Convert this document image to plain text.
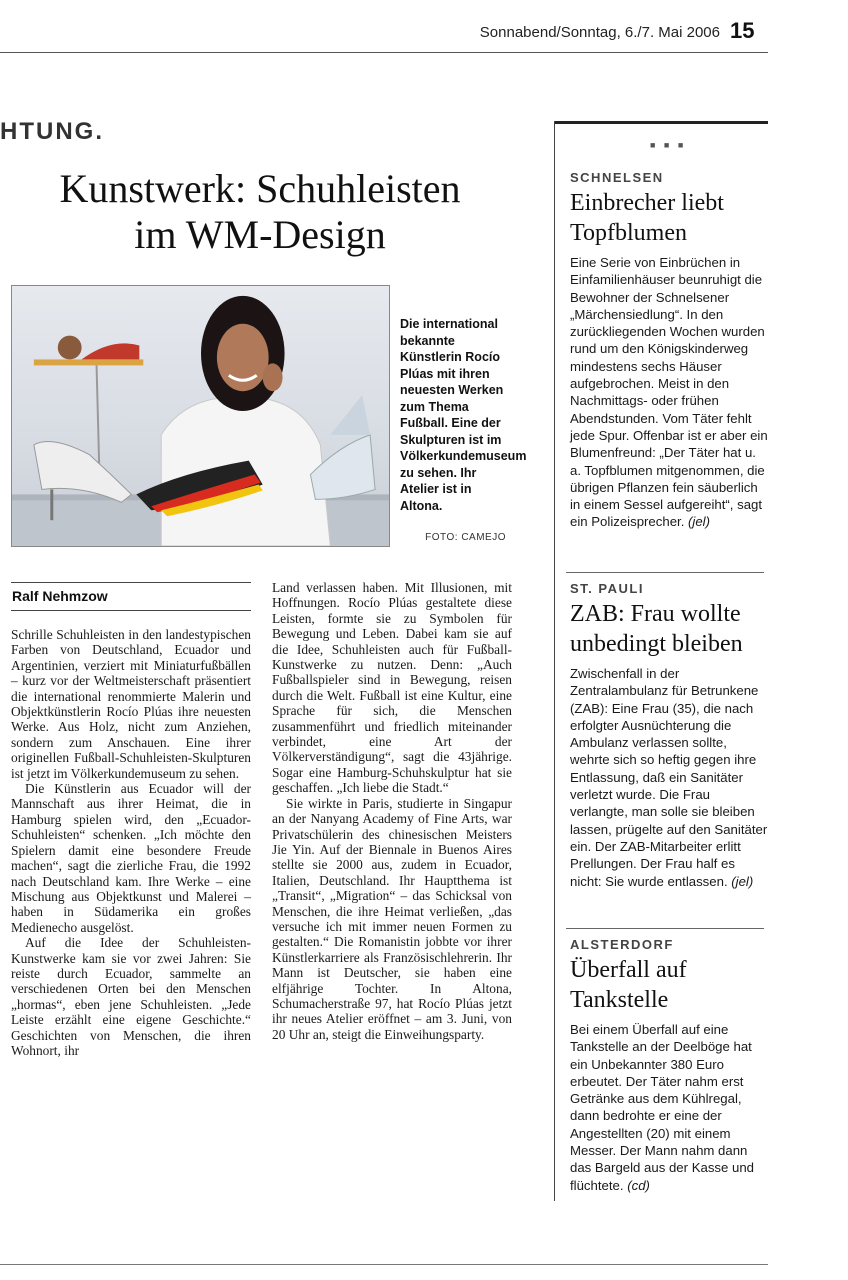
Sonnabend/Sonntag, 6./7. Mai 2006 15
HTUNG.
Kunstwerk: Schuhleisten
im WM-Design
Die international bekannte Künstlerin Rocío Plúas mit ihren neuesten Werken zum Thema Fußball. Eine der Skulpturen ist im Völkerkundemuseum zu sehen. Ihr Atelier ist in Altona.
FOTO: CAMEJO
Ralf Nehmzow

Schrille Schuhleisten in den landestypischen Farben von Deutschland, Ecuador und Argentinien, verziert mit Miniaturfußbällen – kurz vor der Weltmeisterschaft präsentiert die international renommierte Malerin und Objektkünstlerin Rocío Plúas ihre neuesten Werke. Aus Holz, nicht zum Anziehen, sondern zum Anschauen. Eine ihrer originellen Fußball-Schuhleisten-Skulpturen ist jetzt im Völkerkundemuseum zu sehen.

Die Künstlerin aus Ecuador will der Mannschaft aus ihrer Heimat, die in Hamburg spielen wird, den „Ecuador-Schuhleisten“ schenken. „Ich möchte den Spielern damit eine besondere Freude machen“, sagt die zierliche Frau, die 1992 nach Deutschland kam. Ihre Werke – eine Mischung aus Objektkunst und Malerei – haben in Südamerika ein großes Medienecho ausgelöst.

Auf die Idee der Schuhleisten-Kunstwerke kam sie vor zwei Jahren: Sie reiste durch Ecuador, sammelte an verschiedenen Orten bei den Menschen „hormas“, eben jene Schuhleisten. „Jede Leiste erzählt eine eigene Geschichte.“ Geschichten von Menschen, die ihren Wohnort, ihr

Land verlassen haben. Mit Illusionen, mit Hoffnungen. Rocío Plúas gestaltete diese Leisten, formte sie zu Symbolen für Bewegung und Leben. Dabei kam sie auf die Idee, Schuhleisten auch für Fußball-Kunstwerke zu nutzen. Denn: „Auch Fußballspieler sind in Bewegung, reisen durch die Welt. Fußball ist eine Kultur, eine Sprache für sich, die Menschen zusammenführt und friedlich miteinander verbindet, eine Art der Völkerverständigung“, sagt die 43jährige. Sogar eine Hamburg-Schuhskulptur hat sie geschaffen. „Ich liebe die Stadt.“

Sie wirkte in Paris, studierte in Singapur an der Nanyang Academy of Fine Arts, war Privatschülerin des chinesischen Meisters Jie Yin. Auf der Biennale in Buenos Aires stellte sie 2000 aus, zudem in Ecuador, Italien, Deutschland. Ihr Hauptthema ist „Transit“, „Migration“ – das Schicksal von Menschen, die ihre Heimat verließen, „das versuche ich mit immer neuen Formen zu gestalten.“ Die Romanistin jobbte vor ihrer Künstlerkarriere als Französischlehrerin. Ihr Mann ist Deutscher, sie haben eine elfjährige Tochter. In Altona, Schumacherstraße 97, hat Rocío Plúas jetzt ihr neues Atelier eröffnet – am 3. Juni, von 20 Uhr an, steigt die Einweihungsparty.

■ ■ ■
SCHNELSEN
Einbrecher liebt Topfblumen
Eine Serie von Einbrüchen in Einfamilienhäuser beunruhigt die Bewohner der Schnelsener „Märchensiedlung“. In den zurückliegenden Wochen wurden rund um den Königskinderweg mindestens sechs Häuser aufgebrochen. Meist in den Nachmittags- oder frühen Abendstunden. Vom Täter fehlt jede Spur. Offenbar ist er aber ein Blumenfreund: „Der Täter hat u. a. Topfblumen mitgenommen, die übrigen Pflanzen fein säuberlich in einem Sessel aufgereiht“, sagt ein Polizeisprecher. (jel)
ST. PAULI
ZAB: Frau wollte unbedingt bleiben
Zwischenfall in der Zentralambulanz für Betrunkene (ZAB): Eine Frau (35), die nach erfolgter Ausnüchterung die Ambulanz verlassen sollte, wehrte sich so heftig gegen ihre Entlassung, daß ein Sanitäter verletzt wurde. Die Frau verlangte, man solle sie bleiben lassen, prügelte auf den Sanitäter ein. Der ZAB-Mitarbeiter erlitt Prellungen. Der Frau half es nicht: Sie wurde entlassen. (jel)
ALSTERDORF
Überfall auf Tankstelle
Bei einem Überfall auf eine Tankstelle an der Deelböge hat ein Unbekannter 380 Euro erbeutet. Der Täter nahm erst Getränke aus dem Kühlregal, dann bedrohte er eine der Angestellten (20) mit einem Messer. Der Mann nahm dann das Bargeld aus der Kasse und flüchtete. (cd)
